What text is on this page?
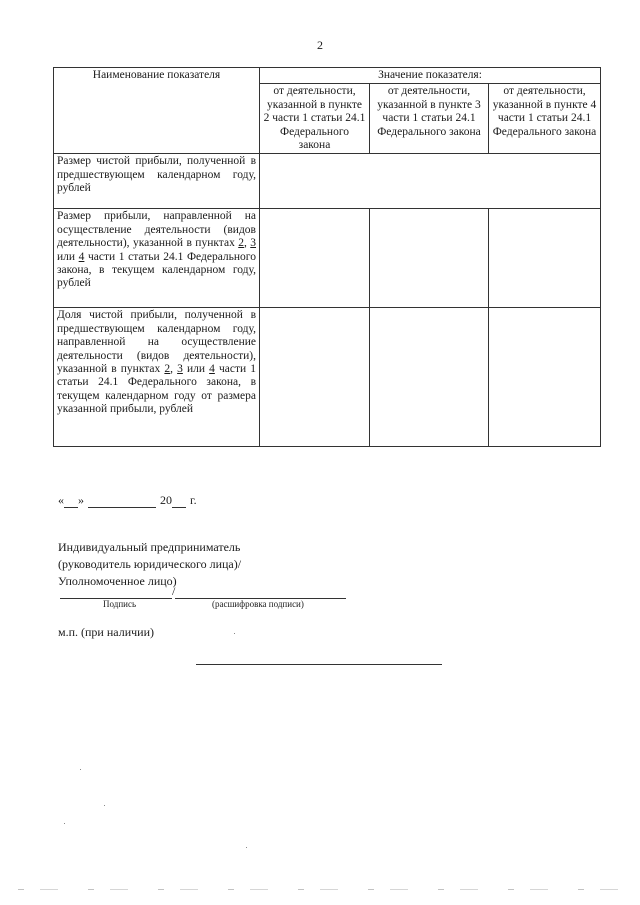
2
Наименование показателя	Значение показателя:		
	от деятельности, указанной в пункте 2 части 1 статьи 24.1 Федерального закона	от деятельности, указанной в пункте 3 части 1 статьи 24.1 Федерального закона	от деятельности, указанной в пункте 4 части 1 статьи 24.1 Федерального закона
Размер чистой прибыли, полученной в предшествующем календарном году, рублей			
Размер прибыли, направленной на осуществление деятельности (видов деятельности), указанной в пунктах 2, 3 или 4 части 1 статьи 24.1 Федерального закона, в текущем календарном году, рублей			
Доля чистой прибыли, полученной в предшествующем календарном году, направленной на осуществление деятельности (видов деятельности), указанной в пунктах 2, 3 или 4 части 1 статьи 24.1 Федерального закона, в текущем календарном году от размера указанной прибыли, рублей			
« »	20 г.
Индивидуальный предприниматель
(руководитель юридического лица)/
Уполномоченное лицо)
/
Подпись	(расшифровка подписи)
м.п. (при наличии)
